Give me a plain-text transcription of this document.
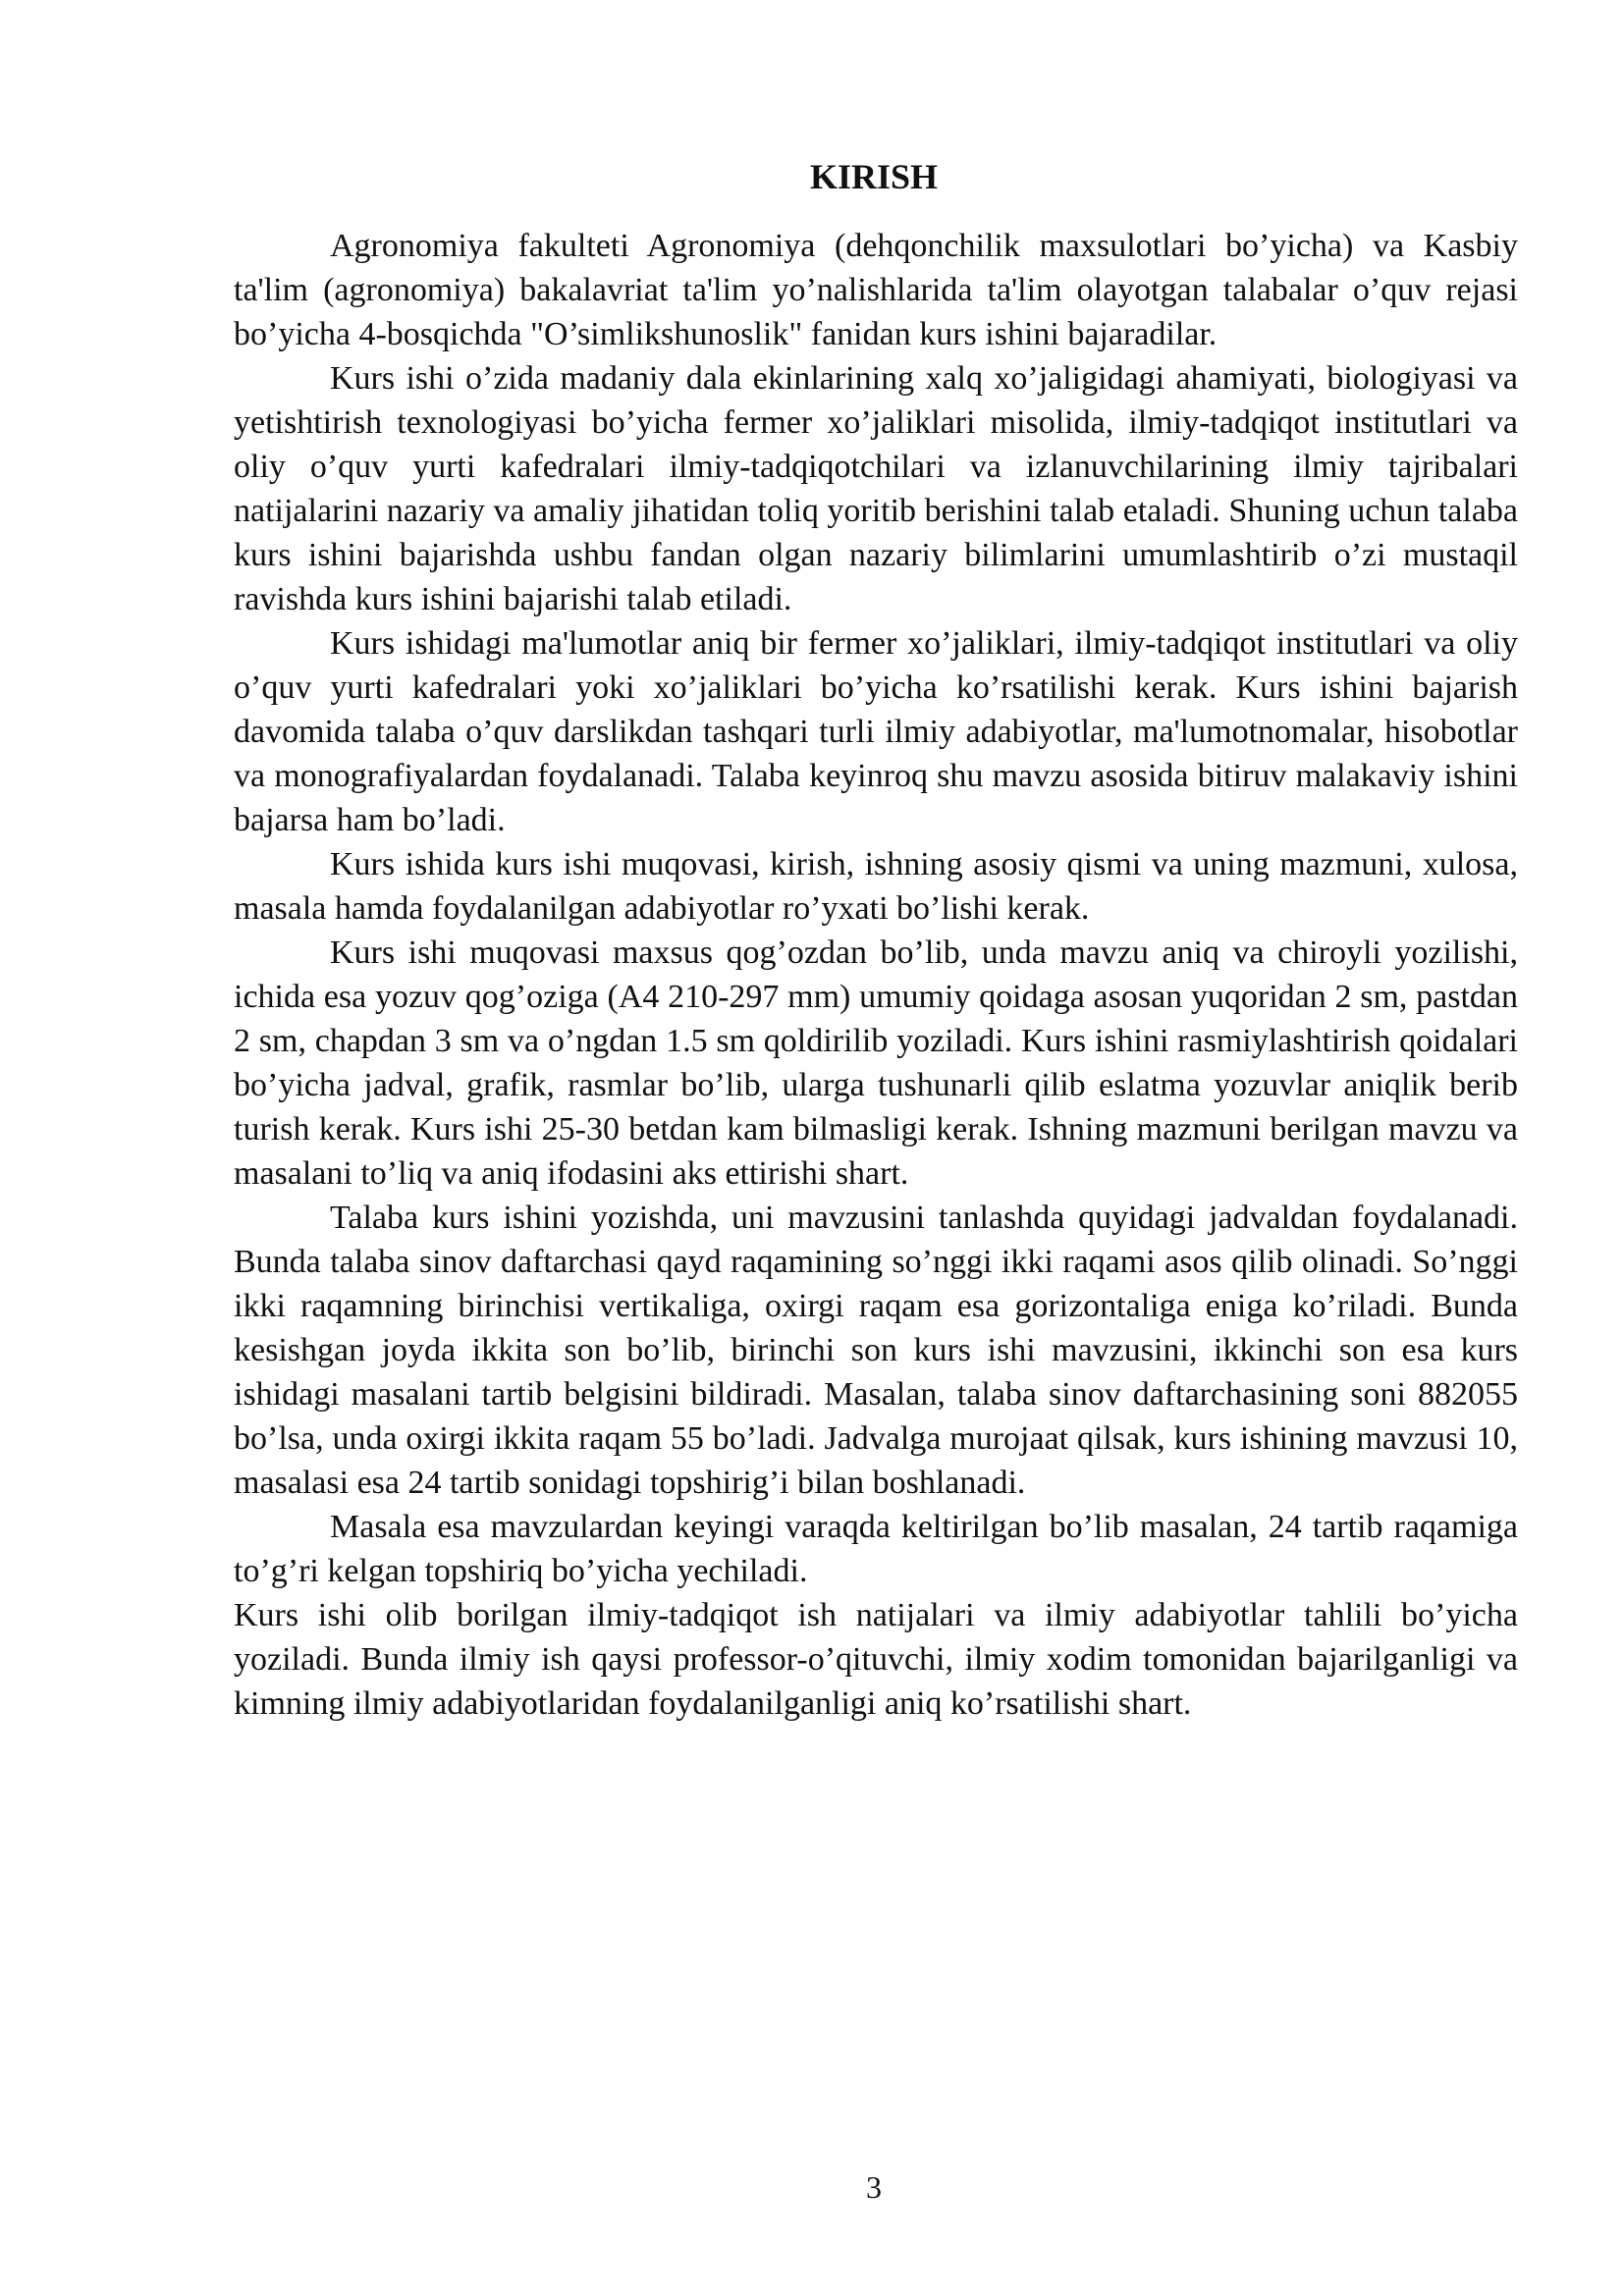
KIRISH

Agronomiya fakulteti Agronomiya (dehqonchilik maxsulotlari bo’yicha) va Kasbiy ta'lim (agronomiya) bakalavriat ta'lim yo’nalishlarida ta'lim olayotgan talabalar o’quv rejasi bo’yicha 4-bosqichda "O’simlikshunoslik" fanidan kurs ishini bajaradilar.

Kurs ishi o’zida madaniy dala ekinlarining xalq xo’jaligidagi ahamiyati, biologiyasi va yetishtirish texnologiyasi bo’yicha fermer xo’jaliklari misolida, ilmiy-tadqiqot institutlari va oliy o’quv yurti kafedralari ilmiy-tadqiqotchilari va izlanuvchilarining ilmiy tajribalari natijalarini nazariy va amaliy jihatidan toliq yoritib berishini talab etaladi. Shuning uchun talaba kurs ishini bajarishda ushbu fandan olgan nazariy bilimlarini umumlashtirib o’zi mustaqil ravishda kurs ishini bajarishi talab etiladi.

Kurs ishidagi ma'lumotlar aniq bir fermer xo’jaliklari, ilmiy-tadqiqot institutlari va oliy o’quv yurti kafedralari yoki xo’jaliklari bo’yicha ko’rsatilishi kerak. Kurs ishini bajarish davomida talaba o’quv darslikdan tashqari turli ilmiy adabiyotlar, ma'lumotnomalar, hisobotlar va monografiyalardan foydalanadi. Talaba keyinroq shu mavzu asosida bitiruv malakaviy ishini bajarsa ham bo’ladi.

Kurs ishida kurs ishi muqovasi, kirish, ishning asosiy qismi va uning mazmuni, xulosa, masala hamda foydalanilgan adabiyotlar ro’yxati bo’lishi kerak.

Kurs ishi muqovasi maxsus qog’ozdan bo’lib, unda mavzu aniq va chiroyli yozilishi, ichida esa yozuv qog’oziga (A4 210-297 mm) umumiy qoidaga asosan yuqoridan 2 sm, pastdan 2 sm, chapdan 3 sm va o’ngdan 1.5 sm qoldirilib yoziladi. Kurs ishini rasmiylashtirish qoidalari bo’yicha jadval, grafik, rasmlar bo’lib, ularga tushunarli qilib eslatma yozuvlar aniqlik berib turish kerak. Kurs ishi 25-30 betdan kam bilmasligi kerak. Ishning mazmuni berilgan mavzu va masalani to’liq va aniq ifodasini aks ettirishi shart.

Talaba kurs ishini yozishda, uni mavzusini tanlashda quyidagi jadvaldan foydalanadi. Bunda talaba sinov daftarchasi qayd raqamining so’nggi ikki raqami asos qilib olinadi. So’nggi ikki raqamning birinchisi vertikaliga, oxirgi raqam esa gorizontaliga eniga ko’riladi. Bunda kesishgan joyda ikkita son bo’lib, birinchi son kurs ishi mavzusini, ikkinchi son esa kurs ishidagi masalani tartib belgisini bildiradi. Masalan, talaba sinov daftarchasining soni 882055 bo’lsa, unda oxirgi ikkita raqam 55 bo’ladi. Jadvalga murojaat qilsak, kurs ishining mavzusi 10, masalasi esa 24 tartib sonidagi topshirig’i bilan boshlanadi.

Masala esa mavzulardan keyingi varaqda keltirilgan bo’lib masalan, 24 tartib raqamiga to’g’ri kelgan topshiriq bo’yicha yechiladi.

Kurs ishi olib borilgan ilmiy-tadqiqot ish natijalari va ilmiy adabiyotlar tahlili bo’yicha yoziladi. Bunda ilmiy ish qaysi professor-o’qituvchi, ilmiy xodim tomonidan bajarilganligi va kimning ilmiy adabiyotlaridan foydalanilganligi aniq ko’rsatilishi shart.

3
